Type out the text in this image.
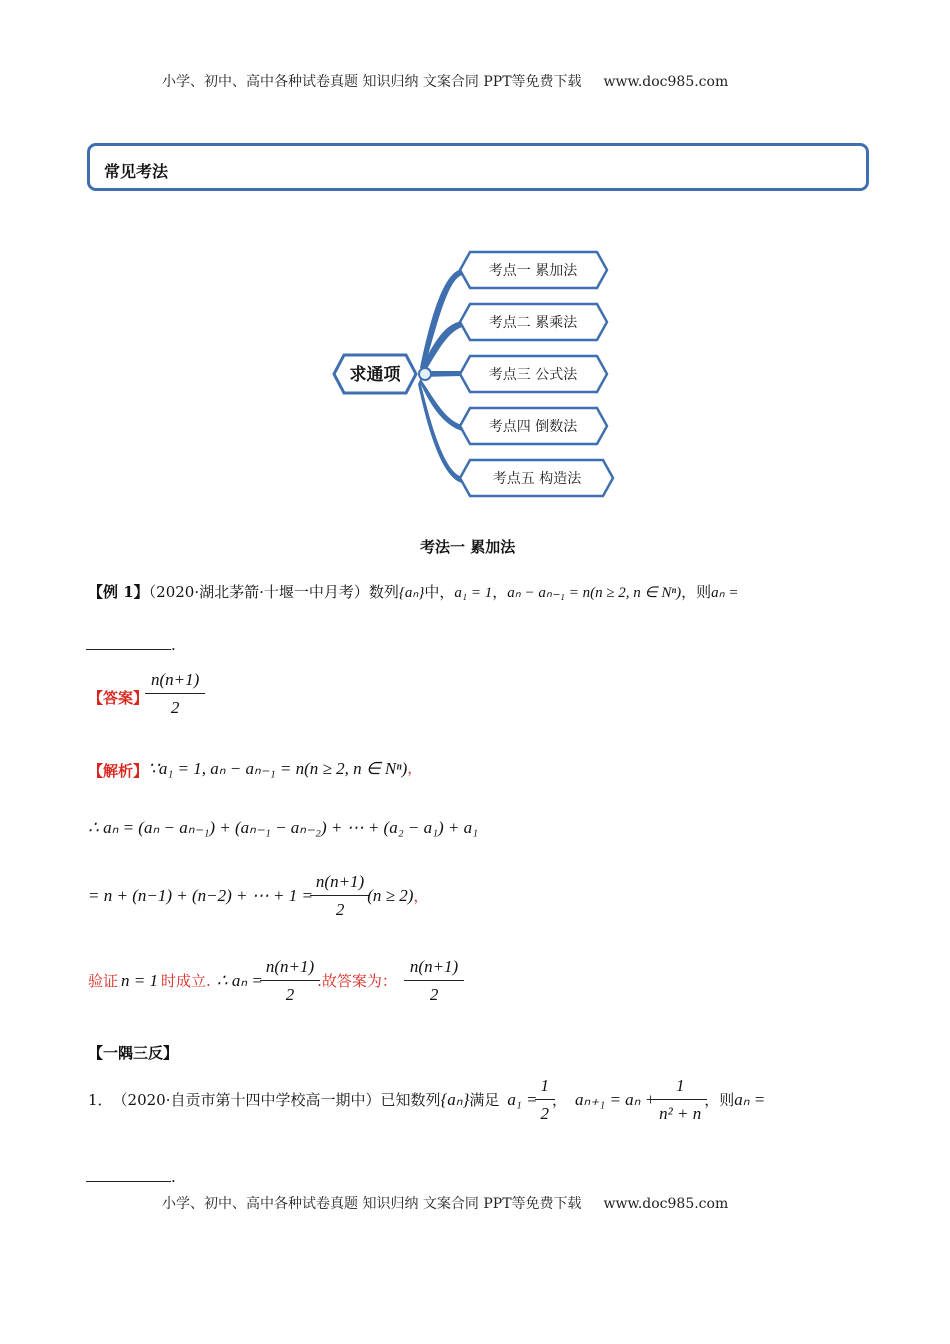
小学、初中、高中各种试卷真题 知识归纳 文案合同 PPT等免费下载 www.doc985.com
常见考法
求通项
考点一 累加法
考点二 累乘法
考点三 公式法
考点四 倒数法
考点五 构造法
考法一 累加法
【例 1】（2020·湖北茅箭·十堰一中月考）数列{aₙ}中，a₁ = 1，aₙ − aₙ₋₁ = n(n ≥ 2, n ∈ Nⁿ)，则aₙ =
.
【答案】 $\frac{n(n+1)}{2}$
【解析】 ∵a₁ = 1, aₙ − aₙ₋₁ = n(n ≥ 2, n ∈ Nⁿ) ，
∴ aₙ = (aₙ − aₙ₋₁) + (aₙ₋₁ − aₙ₋₂) + ⋯ + (a₂ − a₁) + a₁
= n + (n−1) + (n−2) + ⋯ + $1 = \frac{n(n+1)}{2} (n \ge 2)$ ，
验证 n = 1 时成立. ∴ $a_n = \frac{n(n+1)}{2}$ .故答案为： $\frac{n(n+1)}{2}$
【一隅三反】
1． （2020·自贡市第十四中学校高一期中）已知数列 {aₙ} 满足 $a_1 = \frac{1}{2}$ ， $a_{n+1} = a_n + \frac{1}{\text{n² + n}}$ ，则 aₙ =
.
小学、初中、高中各种试卷真题 知识归纳 文案合同 PPT等免费下载 www.doc985.com
